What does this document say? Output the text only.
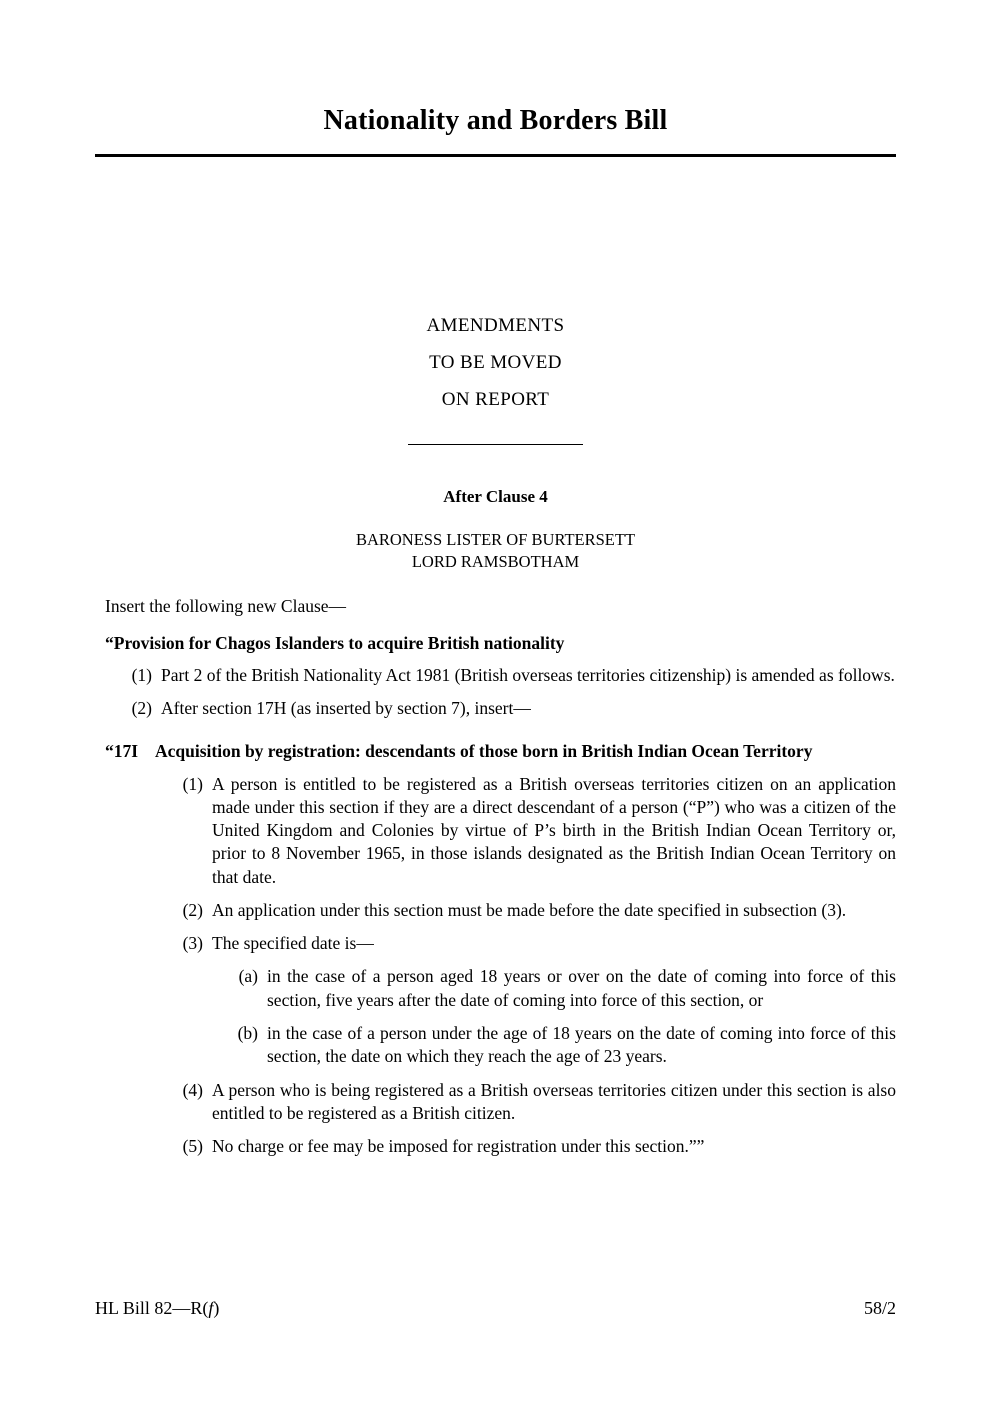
Nationality and Borders Bill
AMENDMENTS
TO BE MOVED
ON REPORT
After Clause 4
BARONESS LISTER OF BURTERSETT
LORD RAMSBOTHAM
Insert the following new Clause—
“Provision for Chagos Islanders to acquire British nationality
(1) Part 2 of the British Nationality Act 1981 (British overseas territories citizenship) is amended as follows.
(2) After section 17H (as inserted by section 7), insert—
“17I Acquisition by registration: descendants of those born in British Indian Ocean Territory
(1) A person is entitled to be registered as a British overseas territories citizen on an application made under this section if they are a direct descendant of a person (“P”) who was a citizen of the United Kingdom and Colonies by virtue of P’s birth in the British Indian Ocean Territory or, prior to 8 November 1965, in those islands designated as the British Indian Ocean Territory on that date.
(2) An application under this section must be made before the date specified in subsection (3).
(3) The specified date is—
(a) in the case of a person aged 18 years or over on the date of coming into force of this section, five years after the date of coming into force of this section, or
(b) in the case of a person under the age of 18 years on the date of coming into force of this section, the date on which they reach the age of 23 years.
(4) A person who is being registered as a British overseas territories citizen under this section is also entitled to be registered as a British citizen.
(5) No charge or fee may be imposed for registration under this section.””
HL Bill 82—R(f)	58/2
